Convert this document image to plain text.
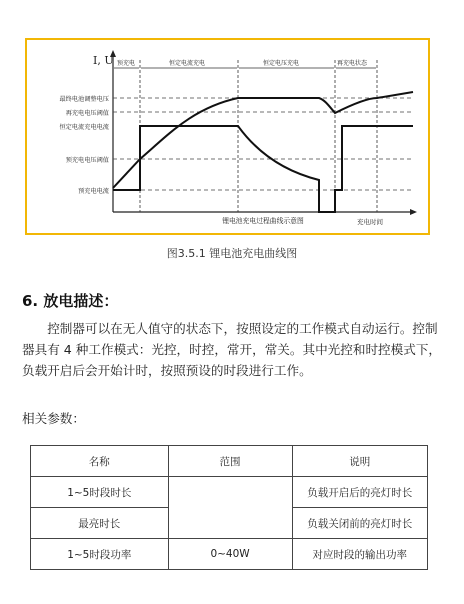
I, U 预充电	恒定电流充电	恒定电压充电	再充电状态
最终电池调整电压
再充电电压阈值
恒定电流充电电流
预充电电压阈值
预充电电流
充电时间
锂电池充电过程曲线示意图
图3.5.1 锂电池充电曲线图
6. 放电描述：
控制器可以在无人值守的状态下，按照设定的工作模式自动运行。控制器具有 4 种工作模式：光控，时控，常开，常关。其中光控和时控模式下，负载开启后会开始计时，按照预设的时段进行工作。
相关参数：
名称	范围	说明
1~5时段时长		负载开启后的亮灯时长
最亮时长		负载关闭前的亮灯时长
1~5时段功率	0~40W	对应时段的输出功率
